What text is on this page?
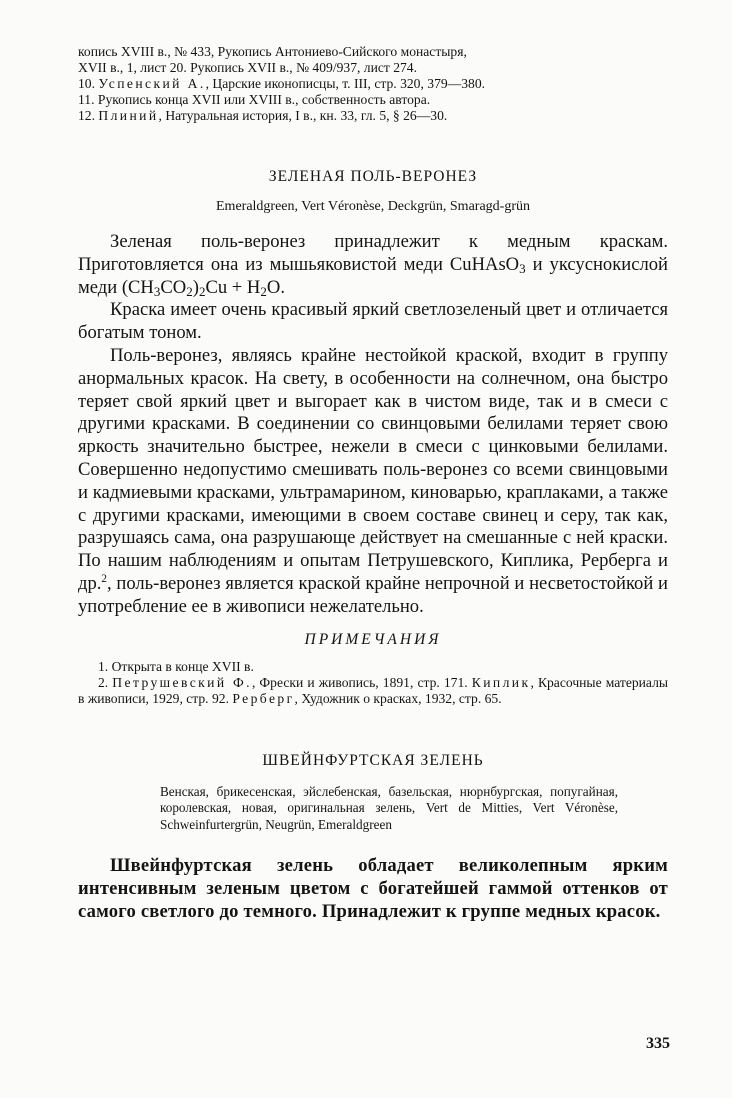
копись XVIII в., № 433, Рукопись Антониево-Сийского монастыря,
XVII в., 1, лист 20. Рукопись XVII в., № 409/937, лист 274.
10. Успенский А., Царские иконописцы, т. III, стр. 320, 379—380.
11. Рукопись конца XVII или XVIII в., собственность автора.
12. Плиний, Натуральная история, I в., кн. 33, гл. 5, § 26—30.
ЗЕЛЕНАЯ ПОЛЬ-ВЕРОНЕЗ
Emeraldgreen, Vert Véronèse, Deckgrün, Smaragd-grün

Зеленая поль-веронез принадлежит к медным краскам. Приготовляется она из мышьяковистой меди CuHAsO$_3$ и уксуснокислой меди $(CH_3CO_2)_2Cu + H_2O$.

Краска имеет очень красивый яркий светлозеленый цвет и отличается богатым тоном.

Поль-веронез, являясь крайне нестойкой краской, входит в группу анормальных красок. На свету, в особенности на солнечном, она быстро теряет свой яркий цвет и выгорает как в чистом виде, так и в смеси с другими красками. В соединении со свинцовыми белилами теряет свою яркость значительно быстрее, нежели в смеси с цинковыми белилами. Совершенно недопустимо смешивать поль-веронез со всеми свинцовыми и кадмиевыми красками, ультрамарином, киноварью, краплаками, а также с другими красками, имеющими в своем составе свинец и серу, так как, разрушаясь сама, она разрушающе действует на смешанные с ней краски. По нашим наблюдениям и опытам Петрушевского, Киплика, Рерберга и др.$^2$, поль-веронез является краской крайне непрочной и несветостойкой и употребление ее в живописи нежелательно.

ПРИМЕЧАНИЯ
1. Открыта в конце XVII в.
2. Петрушевский Ф., Фрески и живопись, 1891, стр. 171. Киплик, Красочные материалы в живописи, 1929, стр. 92. Рерберг, Художник о красках, 1932, стр. 65.
ШВЕЙНФУРТСКАЯ ЗЕЛЕНЬ
Венская, брикесенская, эйслебенская, базельская, нюрнбургская, попугайная, королевская, новая, оригинальная зелень, Vert de Mitties, Vert Véronèse, Schweinfurtergrün, Neugrün, Emeraldgreen

Швейнфуртская зелень обладает великолепным ярким интенсивным зеленым цветом с богатейшей гаммой оттенков от самого светлого до темного. Принадлежит к группе медных красок.

335
